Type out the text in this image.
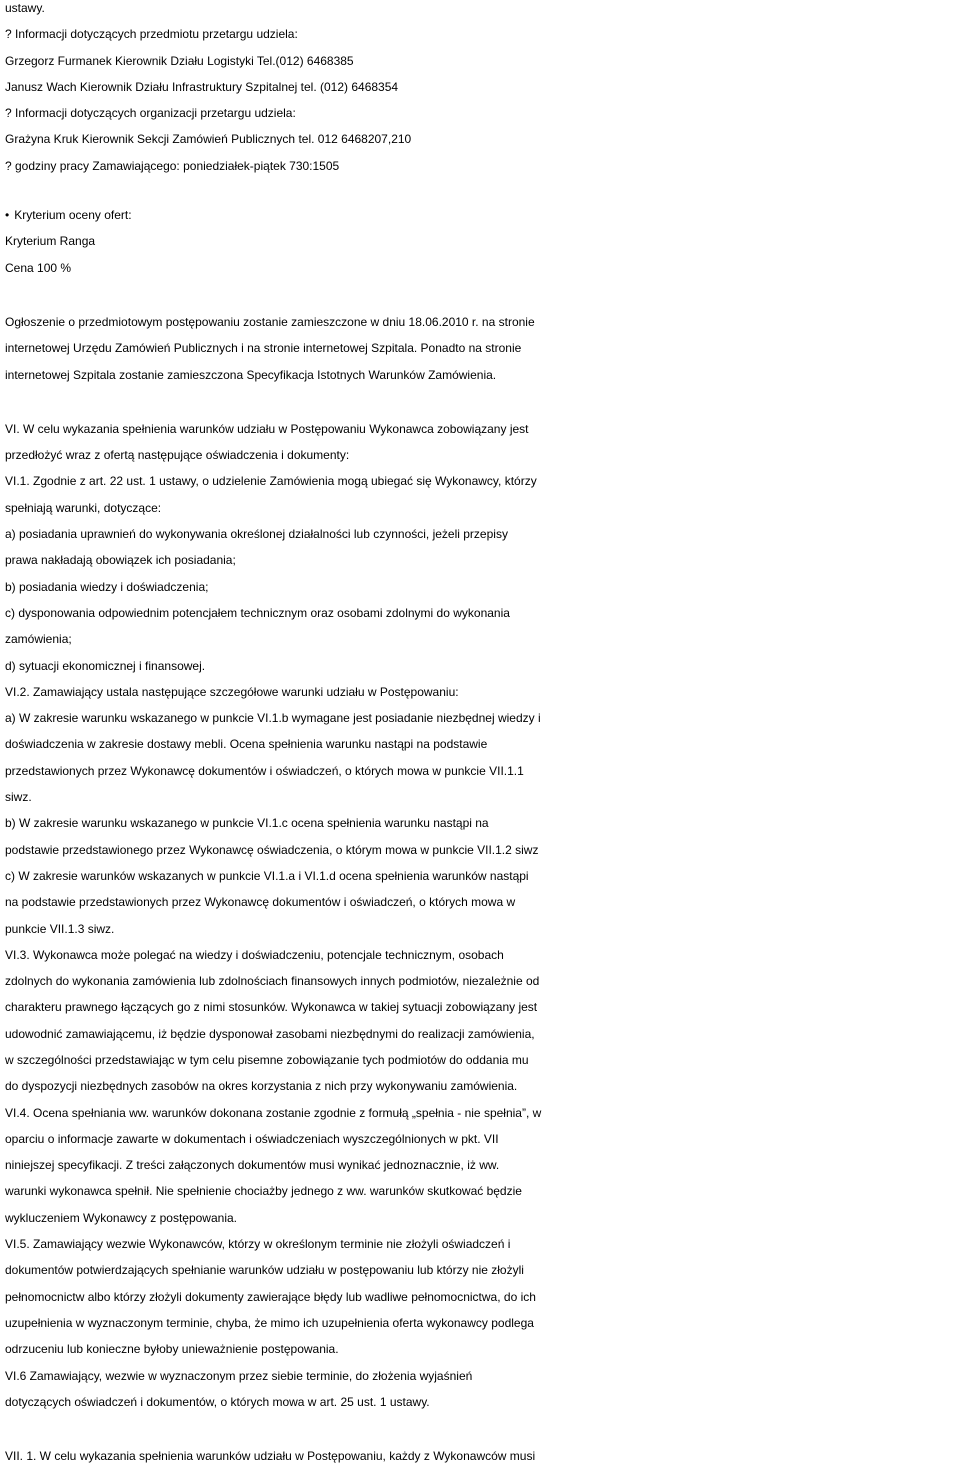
ustawy.
? Informacji dotyczących przedmiotu przetargu udziela:
Grzegorz Furmanek Kierownik Działu Logistyki Tel.(012) 6468385
Janusz Wach Kierownik Działu Infrastruktury Szpitalnej tel. (012) 6468354
? Informacji dotyczących organizacji przetargu udziela:
Grażyna Kruk Kierownik Sekcji Zamówień Publicznych tel. 012 6468207,210
? godziny pracy Zamawiającego: poniedziałek-piątek 730:1505
• Kryterium oceny ofert:
Kryterium Ranga
Cena 100 %
Ogłoszenie o przedmiotowym postępowaniu zostanie zamieszczone w dniu 18.06.2010 r. na stronie
internetowej Urzędu Zamówień Publicznych i na stronie internetowej Szpitala. Ponadto na stronie
internetowej Szpitala zostanie zamieszczona Specyfikacja Istotnych Warunków Zamówienia.
VI. W celu wykazania spełnienia warunków udziału w Postępowaniu Wykonawca zobowiązany jest
przedłożyć wraz z ofertą następujące oświadczenia i dokumenty:
VI.1. Zgodnie z art. 22 ust. 1 ustawy, o udzielenie Zamówienia mogą ubiegać się Wykonawcy, którzy
spełniają warunki, dotyczące:
a) posiadania uprawnień do wykonywania określonej działalności lub czynności, jeżeli przepisy
prawa nakładają obowiązek ich posiadania;
b) posiadania wiedzy i doświadczenia;
c) dysponowania odpowiednim potencjałem technicznym oraz osobami zdolnymi do wykonania
zamówienia;
d) sytuacji ekonomicznej i finansowej.
VI.2. Zamawiający ustala następujące szczegółowe warunki udziału w Postępowaniu:
a) W zakresie warunku wskazanego w punkcie VI.1.b wymagane jest posiadanie niezbędnej wiedzy i
doświadczenia w zakresie dostawy mebli. Ocena spełnienia warunku nastąpi na podstawie
przedstawionych przez Wykonawcę dokumentów i oświadczeń, o których mowa w punkcie VII.1.1
siwz.
b) W zakresie warunku wskazanego w punkcie VI.1.c ocena spełnienia warunku nastąpi na
podstawie przedstawionego przez Wykonawcę oświadczenia, o którym mowa w punkcie VII.1.2 siwz
c) W zakresie warunków wskazanych w punkcie VI.1.a i VI.1.d ocena spełnienia warunków nastąpi
na podstawie przedstawionych przez Wykonawcę dokumentów i oświadczeń, o których mowa w
punkcie VII.1.3 siwz.
VI.3. Wykonawca może polegać na wiedzy i doświadczeniu, potencjale technicznym, osobach
zdolnych do wykonania zamówienia lub zdolnościach finansowych innych podmiotów, niezależnie od
charakteru prawnego łączących go z nimi stosunków. Wykonawca w takiej sytuacji zobowiązany jest
udowodnić zamawiającemu, iż będzie dysponował zasobami niezbędnymi do realizacji zamówienia,
w szczególności przedstawiając w tym celu pisemne zobowiązanie tych podmiotów do oddania mu
do dyspozycji niezbędnych zasobów na okres korzystania z nich przy wykonywaniu zamówienia.
VI.4. Ocena spełniania ww. warunków dokonana zostanie zgodnie z formułą „spełnia - nie spełnia”, w
oparciu o informacje zawarte w dokumentach i oświadczeniach wyszczególnionych w pkt. VII
niniejszej specyfikacji. Z treści załączonych dokumentów musi wynikać jednoznacznie, iż ww.
warunki wykonawca spełnił. Nie spełnienie chociażby jednego z ww. warunków skutkować będzie
wykluczeniem Wykonawcy z postępowania.
VI.5. Zamawiający wezwie Wykonawców, którzy w określonym terminie nie złożyli oświadczeń i
dokumentów potwierdzających spełnianie warunków udziału w postępowaniu lub którzy nie złożyli
pełnomocnictw albo którzy złożyli dokumenty zawierające błędy lub wadliwe pełnomocnictwa, do ich
uzupełnienia w wyznaczonym terminie, chyba, że mimo ich uzupełnienia oferta wykonawcy podlega
odrzuceniu lub konieczne byłoby unieważnienie postępowania.
VI.6 Zamawiający, wezwie w wyznaczonym przez siebie terminie, do złożenia wyjaśnień
dotyczących oświadczeń i dokumentów, o których mowa w art. 25 ust. 1 ustawy.
VII. 1. W celu wykazania spełnienia warunków udziału w Postępowaniu, każdy z Wykonawców musi
